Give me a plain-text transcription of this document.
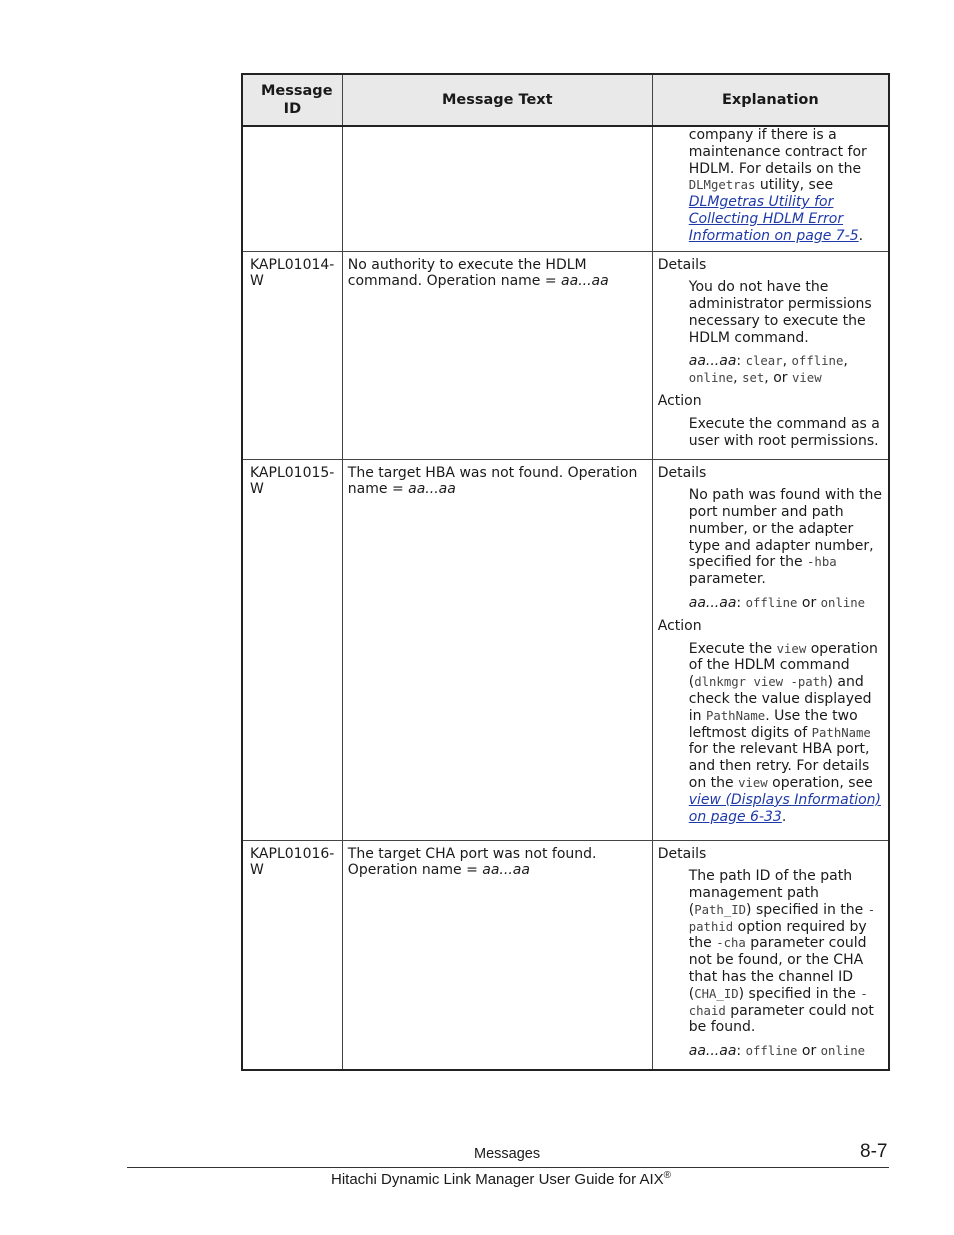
Message ID	Message Text	Explanation

		company if there is a maintenance contract for HDLM. For details on the DLMgetras utility, see DLMgetras Utility for Collecting HDLM Error Information on page 7-5.

KAPL01014-W	No authority to execute the HDLM command. Operation name = aa...aa	Details
You do not have the administrator permissions necessary to execute the HDLM command.
aa...aa: clear, offline, online, set, or view
Action
Execute the command as a user with root permissions.

KAPL01015-W	The target HBA was not found. Operation name = aa...aa	Details
No path was found with the port number and path number, or the adapter type and adapter number, specified for the -hba parameter.
aa...aa: offline or online
Action
Execute the view operation of the HDLM command (dlnkmgr view -path) and check the value displayed in PathName. Use the two leftmost digits of PathName for the relevant HBA port, and then retry. For details on the view operation, see view (Displays Information) on page 6-33.

KAPL01016-W	The target CHA port was not found. Operation name = aa...aa	Details
The path ID of the path management path (Path_ID) specified in the -pathid option required by the -cha parameter could not be found, or the CHA that has the channel ID (CHA_ID) specified in the -chaid parameter could not be found.
aa...aa: offline or online
Messages	8-7
Hitachi Dynamic Link Manager User Guide for AIX®
